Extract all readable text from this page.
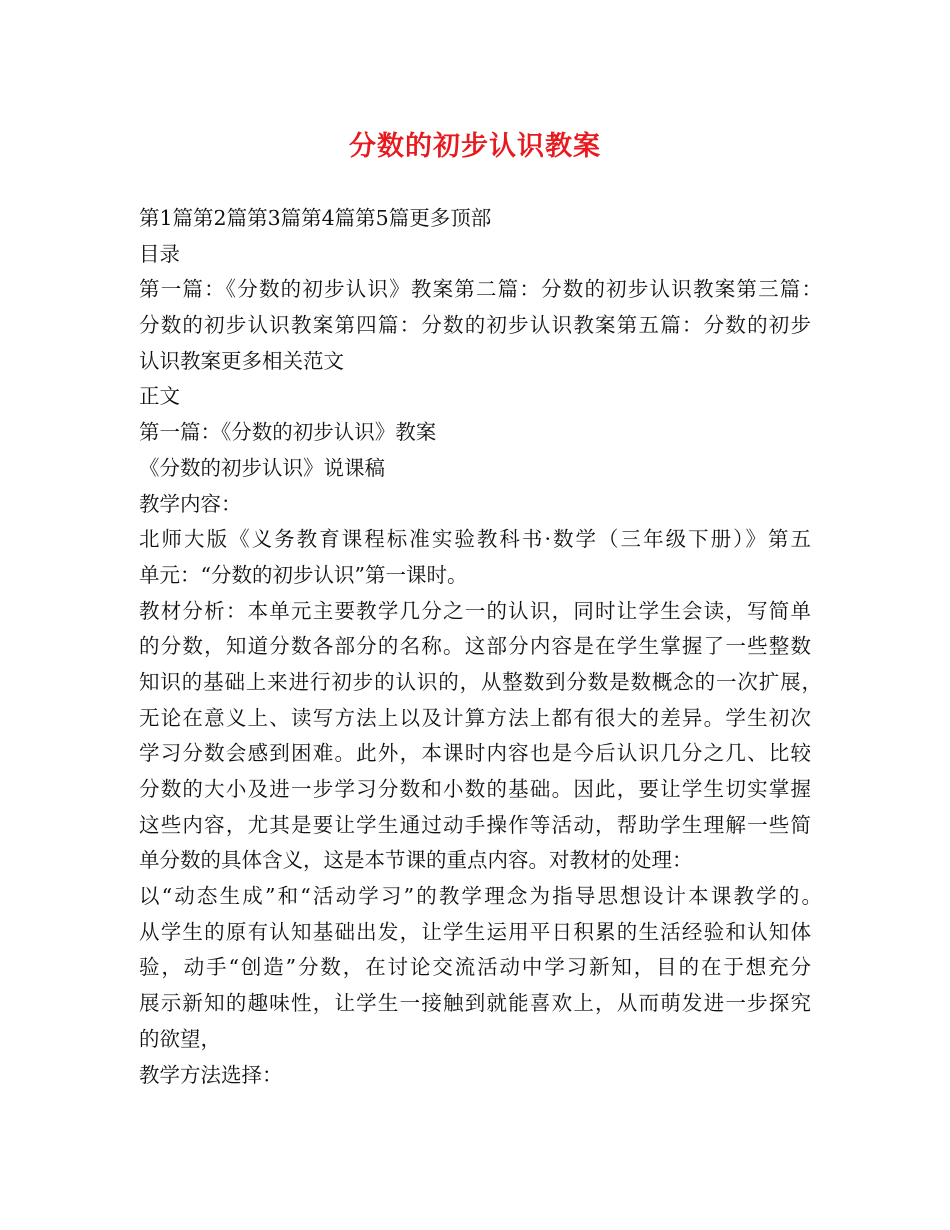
分数的初步认识教案
第1篇第2篇第3篇第4篇第5篇更多顶部
目录
第一篇：《分数的初步认识》教案第二篇：分数的初步认识教案第三篇：
分数的初步认识教案第四篇：分数的初步认识教案第五篇：分数的初步
认识教案更多相关范文
正文
第一篇：《分数的初步认识》教案
《分数的初步认识》说课稿
教学内容：
北师大版《义务教育课程标准实验教科书·数学（三年级下册）》第五
单元：“分数的初步认识”第一课时。
教材分析：本单元主要教学几分之一的认识，同时让学生会读，写简单
的分数，知道分数各部分的名称。这部分内容是在学生掌握了一些整数
知识的基础上来进行初步的认识的，从整数到分数是数概念的一次扩展，
无论在意义上、读写方法上以及计算方法上都有很大的差异。学生初次
学习分数会感到困难。此外，本课时内容也是今后认识几分之几、比较
分数的大小及进一步学习分数和小数的基础。因此，要让学生切实掌握
这些内容，尤其是要让学生通过动手操作等活动，帮助学生理解一些简
单分数的具体含义，这是本节课的重点内容。对教材的处理：
以“动态生成”和“活动学习”的教学理念为指导思想设计本课教学的。
从学生的原有认知基础出发，让学生运用平日积累的生活经验和认知体
验，动手“创造”分数，在讨论交流活动中学习新知，目的在于想充分
展示新知的趣味性，让学生一接触到就能喜欢上，从而萌发进一步探究
的欲望，
教学方法选择：
